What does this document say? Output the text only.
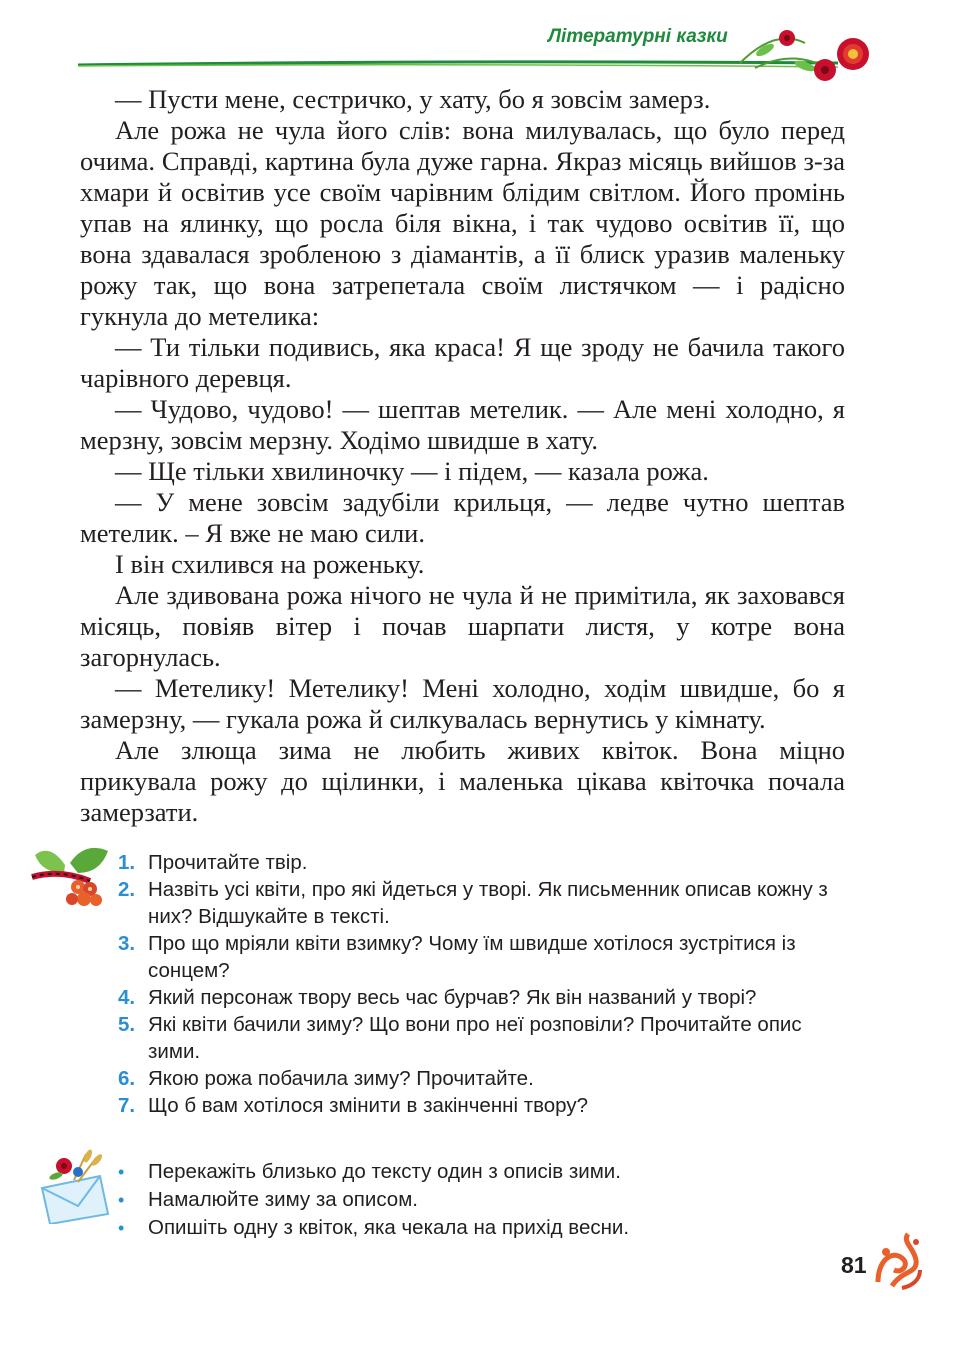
Літературні казки

— Пусти мене, сестричко, у хату, бо я зовсім замерз.

Але рожа не чула його слів: вона милувалась, що було перед очима. Справді, картина була дуже гарна. Якраз місяць вийшов з-за хмари й освітив усе своїм чарівним блідим світлом. Його промінь упав на ялинку, що росла біля вікна, і так чудово освітив її, що вона здавалася зробленою з діамантів, а її блиск уразив маленьку рожу так, що вона затрепетала своїм листячком — і радісно гукнула до метелика:

— Ти тільки подивись, яка краса! Я ще зроду не бачила такого чарівного деревця.

— Чудово, чудово! — шептав метелик. — Але мені холодно, я мерзну, зовсім мерзну. Ходімо швидше в хату.

— Ще тільки хвилиночку — і підем, — казала рожа.

— У мене зовсім задубіли крильця, — ледве чутно шептав метелик. – Я вже не маю сили.

І він схилився на роженьку.

Але здивована рожа нічого не чула й не примітила, як заховався місяць, повіяв вітер і почав шарпати листя, у котре вона загорнулась.

— Метелику! Метелику! Мені холодно, ходім швидше, бо я замерзну, — гукала рожа й силкувалась вернутись у кімнату.

Але злюща зима не любить живих квіток. Вона міцно прикувала рожу до щілинки, і маленька цікава квіточка почала замерзати.

1. Прочитайте твір.
2. Назвіть усі квіти, про які йдеться у творі. Як письменник описав кожну з них? Відшукайте в тексті.
3. Про що мріяли квіти взимку? Чому їм швидше хотілося зустрітися із сонцем?
4. Який персонаж твору весь час бурчав? Як він названий у творі?
5. Які квіти бачили зиму? Що вони про неї розповіли? Прочитайте опис зими.
6. Якою рожа побачила зиму? Прочитайте.
7. Що б вам хотілося змінити в закінченні твору?
•	Перекажіть близько до тексту один з описів зими.
•	Намалюйте зиму за описом.
•	Опишіть одну з квіток, яка чекала на прихід весни.
81
